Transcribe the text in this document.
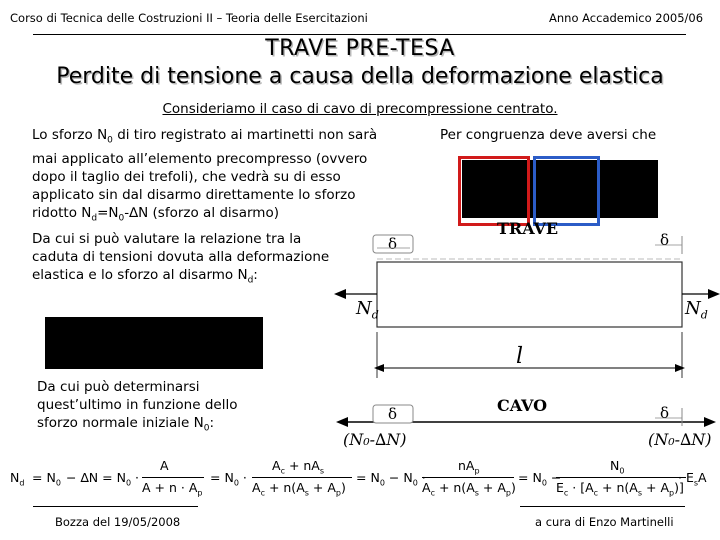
Corso di Tecnica delle Costruzioni II – Teoria delle Esercitazioni	Anno Accademico 2005/06
TRAVE PRE-TESA
Perdite di tensione a causa della deformazione elastica
Consideriamo il caso di cavo di precompressione centrato.
Lo sforzo $N_0$ di tiro registrato ai martinetti non sarà mai applicato all’elemento precompresso (ovvero dopo il taglio dei trefoli), che vedrà su di esso applicato sin dal disarmo direttamente lo sforzo ridotto $N_d=N_0-\Delta N$ (sforzo al disarmo)
Da cui si può valutare la relazione tra la caduta di tensioni dovuta alla deformazione elastica e lo sforzo al disarmo $N_d$:
Da cui può determinarsi quest’ultimo in funzione dello sforzo normale iniziale $N_0$:
Per congruenza deve aversi che
TRAVE
δ	δ
δ	δ
$N_d$	$N_d$
l
CAVO
(N₀-∆N)	(N₀-∆N)
$N_d = N_0 - \Delta N = N_0$ ·
A
$A + n \cdot A_p$
= $N_0$ ·
$A_c + nA_s$
$A_c + n(A_s + A_p)$
= $N_0 - N_0$ ·
$nA_p$
$A_c + n(A_s + A_p)$
= $N_0$ −
$N_0$
$E_c \cdot [A_c + n(A_s + A_p)]$
· $E_sA$
Bozza del 19/05/2008	a cura di Enzo Martinelli
